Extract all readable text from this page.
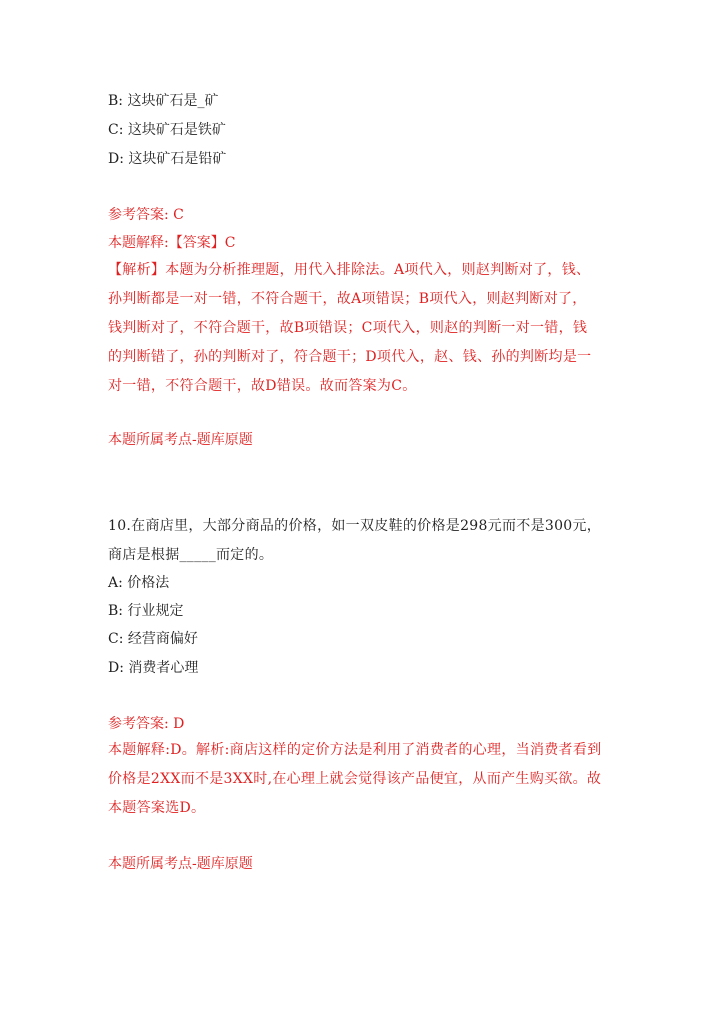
B: 这块矿石是_矿
C: 这块矿石是铁矿
D: 这块矿石是铅矿
参考答案: C
本题解释:【答案】C
【解析】本题为分析推理题，用代入排除法。A项代入，则赵判断对了，钱、
孙判断都是一对一错，不符合题干，故A项错误；B项代入，则赵判断对了，
钱判断对了，不符合题干，故B项错误；C项代入，则赵的判断一对一错，钱
的判断错了，孙的判断对了，符合题干；D项代入，赵、钱、孙的判断均是一
对一错，不符合题干，故D错误。故而答案为C。
本题所属考点-题库原题
10.在商店里，大部分商品的价格，如一双皮鞋的价格是298元而不是300元，
商店是根据_____而定的。
A: 价格法
B: 行业规定
C: 经营商偏好
D: 消费者心理
参考答案: D
本题解释:D。解析:商店这样的定价方法是利用了消费者的心理，当消费者看到
价格是2XX而不是3XX时,在心理上就会觉得该产品便宜，从而产生购买欲。故
本题答案选D。
本题所属考点-题库原题
